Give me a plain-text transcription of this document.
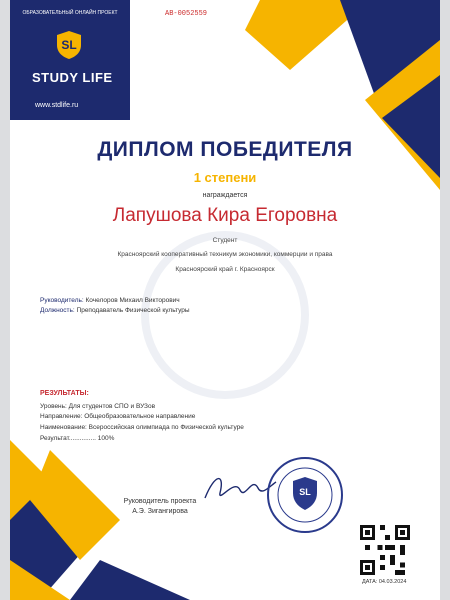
SL
ОБРАЗОВАТЕЛЬНЫЙ ОНЛАЙН ПРОЕКТ
STUDY LIFE
www.stdlife.ru
АВ-0052559
ДИПЛОМ ПОБЕДИТЕЛЯ
1 степени
награждается
Лапушова Кира Егоровна
Студент
Красноярский кооперативный техникум экономики, коммерции и права
Красноярский край г. Красноярск
Руководитель: Кочелоров Михаил Викторович
Должность: Преподаватель Физической культуры
РЕЗУЛЬТАТЫ:
Уровень: Для студентов СПО и ВУЗов
Направление: Общеобразовательное направление
Наименование: Всероссийская олимпиада по Физической культуре
Результат............... 100%
Руководитель проекта
А.Э. Зигангирова
SL
ДАТА: 04.03.2024
